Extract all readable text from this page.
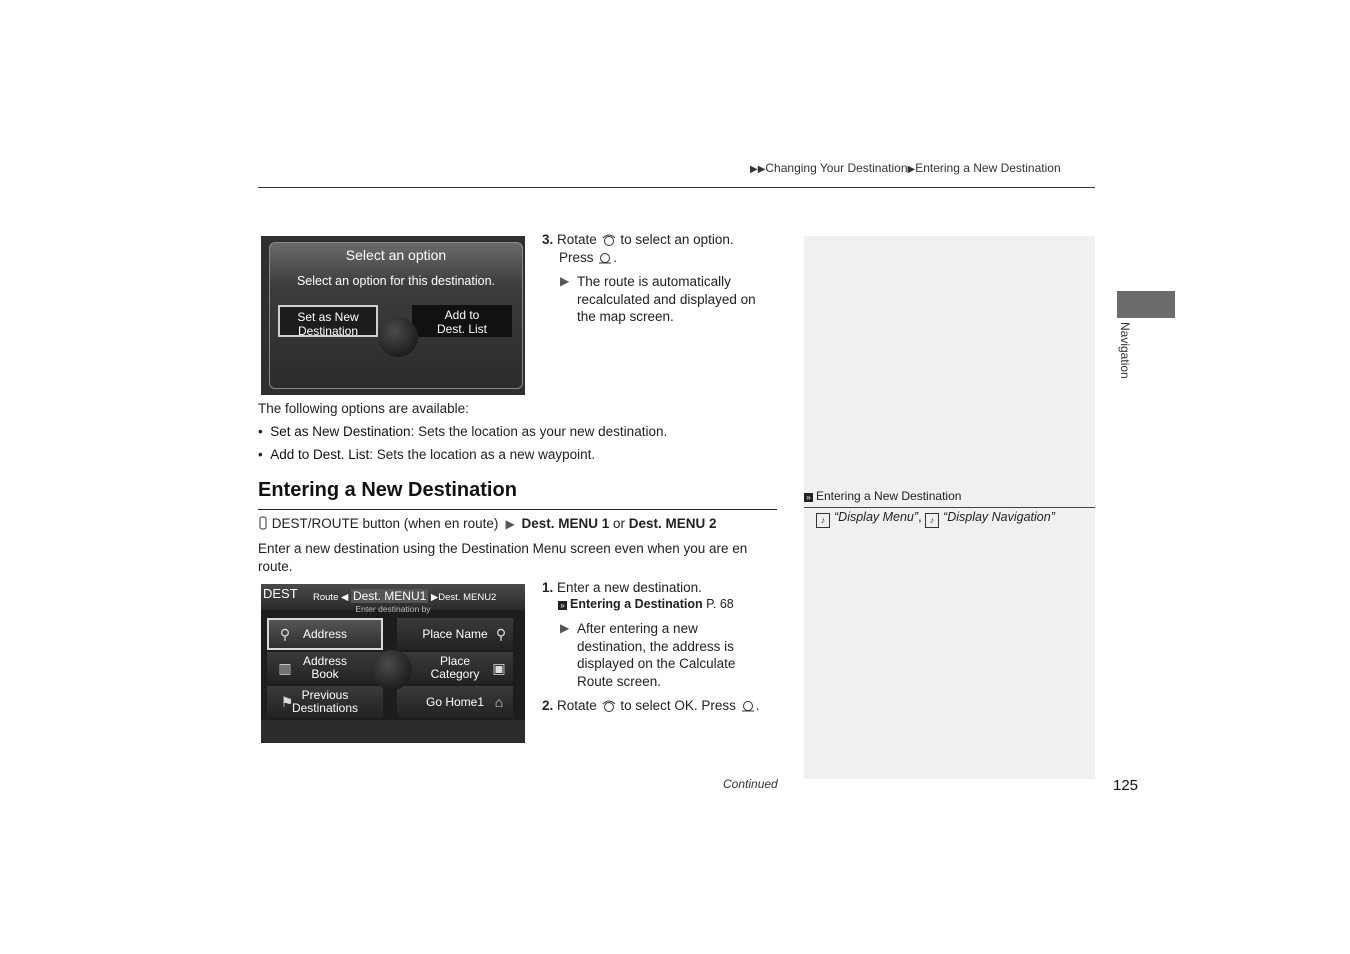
▶▶Changing Your Destination▶Entering a New Destination
Navigation
Select an option
Select an option for this destination.
Set as New
Destination
Add to
Dest. List
3. Rotate to select an option.
Press .
▶ The route is automatically recalculated and displayed on the map screen.
The following options are available:
•  Set as New Destination: Sets the location as your new destination.
•  Add to Dest. List: Sets the location as a new waypoint.
Entering a New Destination
DEST/ROUTE button (when en route)  ▶ Dest. MENU 1 or Dest. MENU 2
Enter a new destination using the Destination Menu screen even when you are en route.
DEST Route ◀ Dest. MENU1 ▶Dest. MENU2
Enter destination by
⚲ Address	Place Name ⚲
▥ Address
Book
Place
Category ▣
⚑ Previous
Destinations	Go Home1 ⌂
1. Enter a new destination.
» Entering a Destination P. 68
▶ After entering a new destination, the address is displayed on the Calculate Route screen.
2. Rotate to select OK. Press .
» Entering a New Destination
♪ “Display Menu”, ♪ “Display Navigation”
Continued	125
